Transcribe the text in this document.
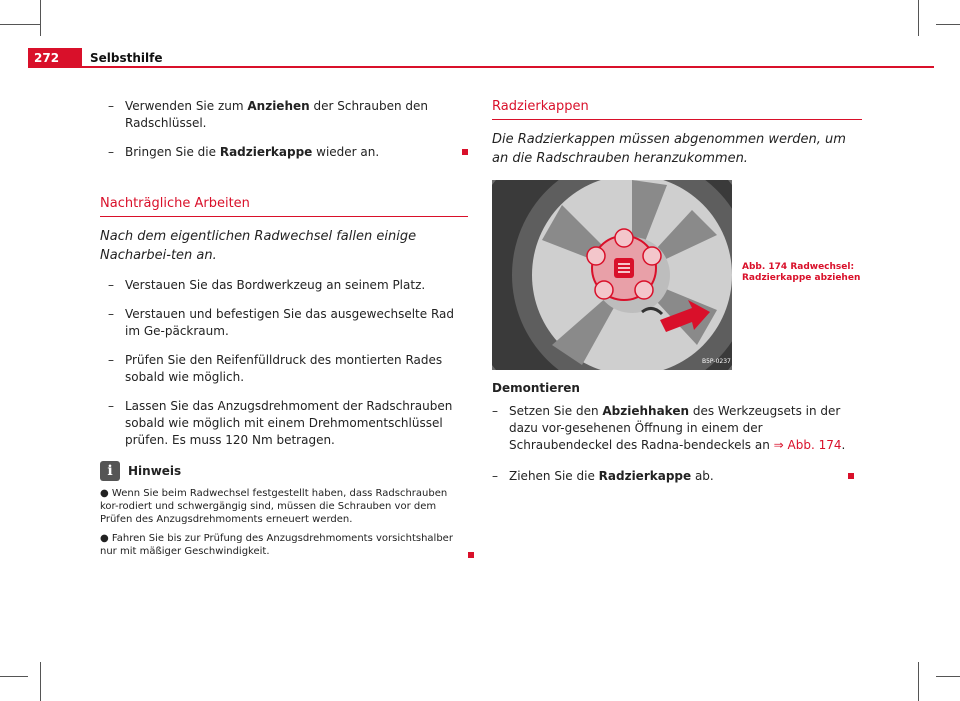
272	Selbsthilfe
– Verwenden Sie zum Anziehen der Schrauben den Radschlüssel.
– Bringen Sie die Radzierkappe wieder an.
Nachträgliche Arbeiten
Nach dem eigentlichen Radwechsel fallen einige Nacharbei-ten an.
– Verstauen Sie das Bordwerkzeug an seinem Platz.
– Verstauen und befestigen Sie das ausgewechselte Rad im Ge-päckraum.
– Prüfen Sie den Reifenfülldruck des montierten Rades sobald wie möglich.
– Lassen Sie das Anzugsdrehmoment der Radschrauben sobald wie möglich mit einem Drehmomentschlüssel prüfen. Es muss 120 Nm betragen.
i	Hinweis
● Wenn Sie beim Radwechsel festgestellt haben, dass Radschrauben kor-rodiert und schwergängig sind, müssen die Schrauben vor dem Prüfen des Anzugsdrehmoments erneuert werden.
● Fahren Sie bis zur Prüfung des Anzugsdrehmoments vorsichtshalber nur mit mäßiger Geschwindigkeit.
Radzierkappen
Die Radzierkappen müssen abgenommen werden, um an die Radschrauben heranzukommen.
B5P-0237
Abb. 174 Radwechsel:
Radzierkappe abziehen
Demontieren
– Setzen Sie den Abziehhaken des Werkzeugsets in der dazu vor-gesehenen Öffnung in einem der Schraubendeckel des Radna-bendeckels an ⇒ Abb. 174.
– Ziehen Sie die Radzierkappe ab.
